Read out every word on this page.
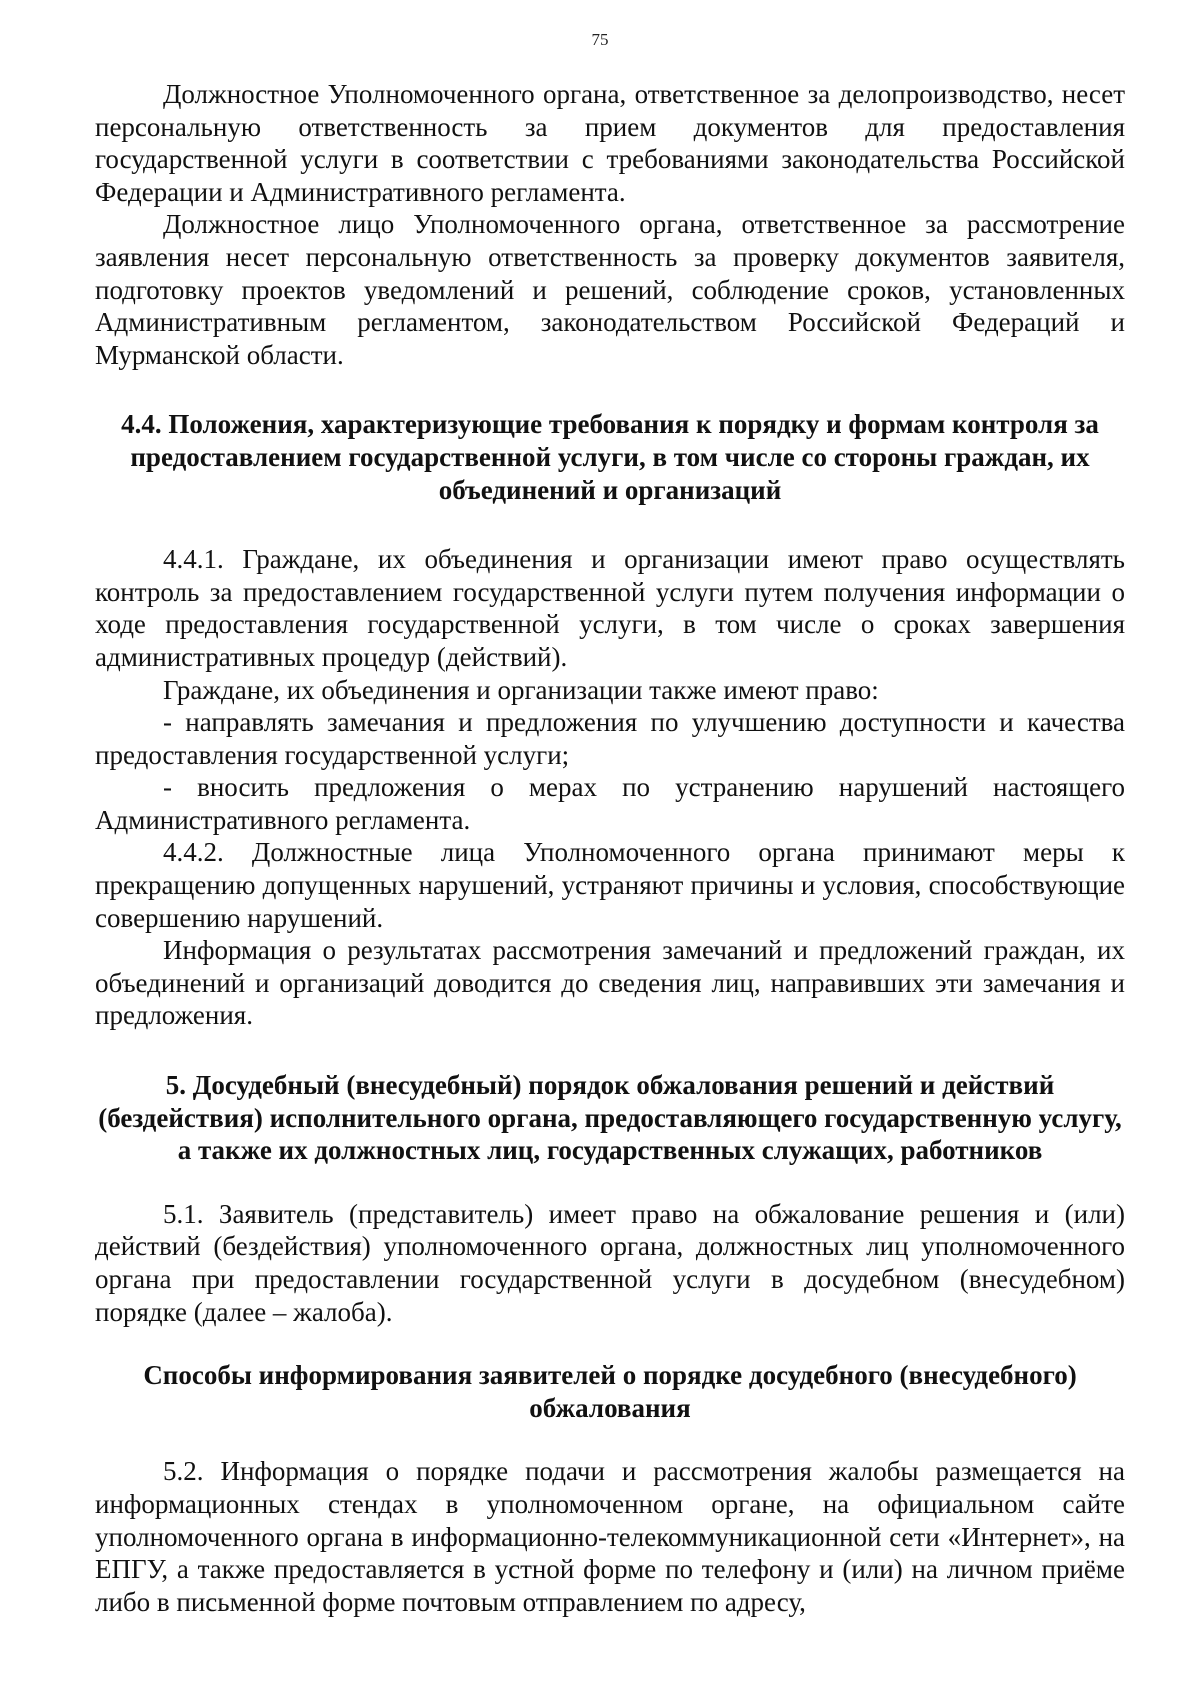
75

Должностное Уполномоченного органа, ответственное за делопроизводство, несет персональную ответственность за прием документов для предоставления государственной услуги в соответствии с требованиями законодательства Российской Федерации и Административного регламента.

Должностное лицо Уполномоченного органа, ответственное за рассмотрение заявления несет персональную ответственность за проверку документов заявителя, подготовку проектов уведомлений и решений, соблюдение сроков, установленных Административным регламентом, законодательством Российской Федераций и Мурманской области.

4.4. Положения, характеризующие требования к порядку и формам контроля за предоставлением государственной услуги, в том числе со стороны граждан, их объединений и организаций

4.4.1. Граждане, их объединения и организации имеют право осуществлять контроль за предоставлением государственной услуги путем получения информации о ходе предоставления государственной услуги, в том числе о сроках завершения административных процедур (действий).

Граждане, их объединения и организации также имеют право:

- направлять замечания и предложения по улучшению доступности и качества предоставления государственной услуги;

- вносить предложения о мерах по устранению нарушений настоящего Административного регламента.

4.4.2. Должностные лица Уполномоченного органа принимают меры к прекращению допущенных нарушений, устраняют причины и условия, способствующие совершению нарушений.

Информация о результатах рассмотрения замечаний и предложений граждан, их объединений и организаций доводится до сведения лиц, направивших эти замечания и предложения.

5. Досудебный (внесудебный) порядок обжалования решений и действий (бездействия) исполнительного органа, предоставляющего государственную услугу, а также их должностных лиц, государственных служащих, работников

5.1. Заявитель (представитель) имеет право на обжалование решения и (или) действий (бездействия) уполномоченного органа, должностных лиц уполномоченного органа при предоставлении государственной услуги в досудебном (внесудебном) порядке (далее – жалоба).

Способы информирования заявителей о порядке досудебного (внесудебного) обжалования

5.2. Информация о порядке подачи и рассмотрения жалобы размещается на информационных стендах в уполномоченном органе, на официальном сайте уполномоченного органа в информационно-телекоммуникационной сети «Интернет», на ЕПГУ, а также предоставляется в устной форме по телефону и (или) на личном приёме либо в письменной форме почтовым отправлением по адресу,
